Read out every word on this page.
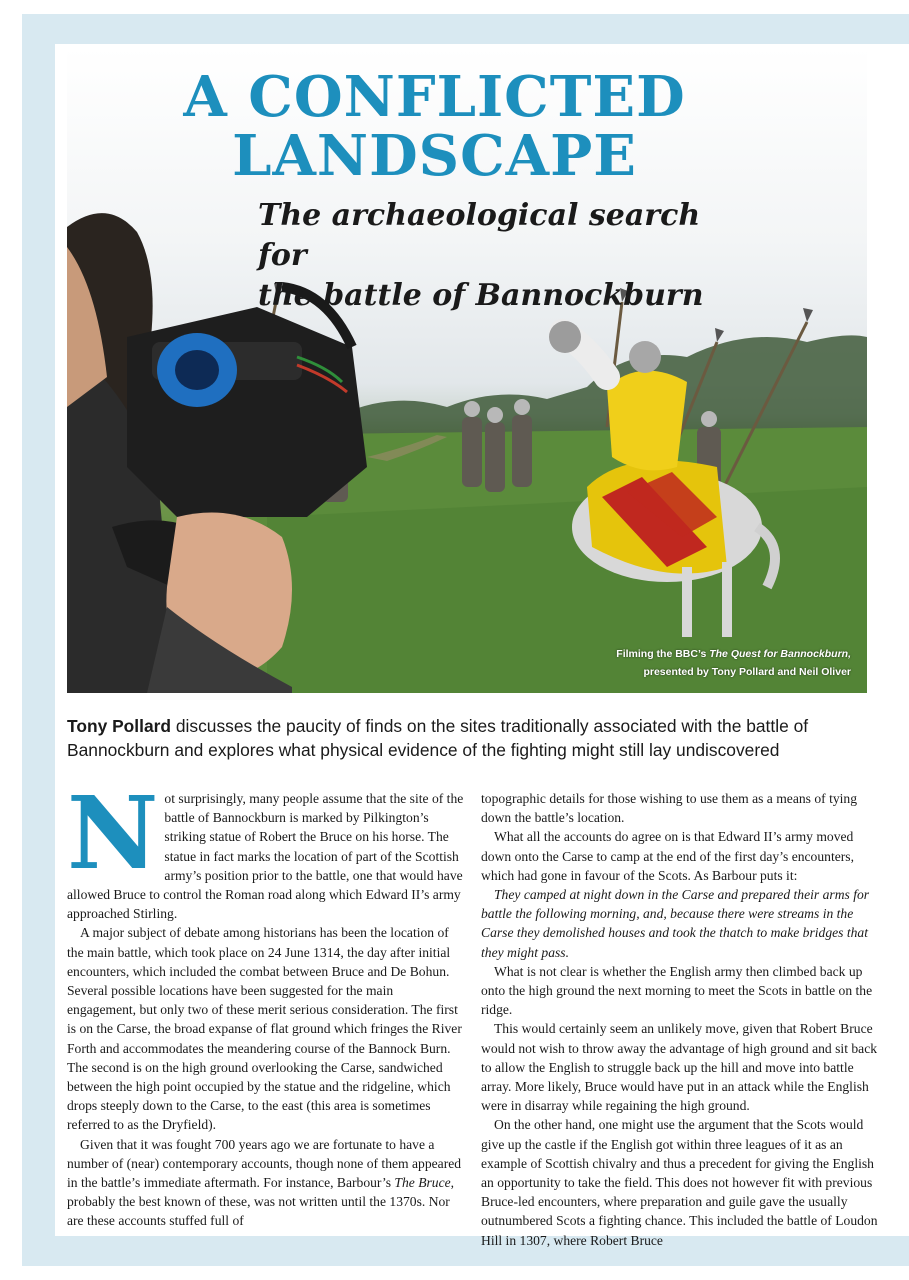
A CONFLICTED
LANDSCAPE
The archaeological search for
the battle of Bannockburn
Filming the BBC’s The Quest for Bannockburn,
presented by Tony Pollard and Neil Oliver

Tony Pollard discusses the paucity of finds on the sites traditionally associated with the battle of Bannockburn and explores what physical evidence of the fighting might still lay undiscovered

Not surprisingly, many people assume that the site of the battle of Bannockburn is marked by Pilkington’s striking statue of Robert the Bruce on his horse. The statue in fact marks the location of part of the Scottish army’s position prior to the battle, one that would have allowed Bruce to control the Roman road along which Edward II’s army approached Stirling.

A major subject of debate among historians has been the location of the main battle, which took place on 24 June 1314, the day after initial encounters, which included the combat between Bruce and De Bohun. Several possible locations have been suggested for the main engagement, but only two of these merit serious consideration. The first is on the Carse, the broad expanse of flat ground which fringes the River Forth and accommodates the meandering course of the Bannock Burn. The second is on the high ground overlooking the Carse, sandwiched between the high point occupied by the statue and the ridgeline, which drops steeply down to the Carse, to the east (this area is sometimes referred to as the Dryfield).

Given that it was fought 700 years ago we are fortunate to have a number of (near) contemporary accounts, though none of them appeared in the battle’s immediate aftermath. For instance, Barbour’s The Bruce, probably the best known of these, was not written until the 1370s. Nor are these accounts stuffed full of

topographic details for those wishing to use them as a means of tying down the battle’s location.

What all the accounts do agree on is that Edward II’s army moved down onto the Carse to camp at the end of the first day’s encounters, which had gone in favour of the Scots. As Barbour puts it:

They camped at night down in the Carse and prepared their arms for battle the following morning, and, because there were streams in the Carse they demolished houses and took the thatch to make bridges that they might pass.

What is not clear is whether the English army then climbed back up onto the high ground the next morning to meet the Scots in battle on the ridge.

This would certainly seem an unlikely move, given that Robert Bruce would not wish to throw away the advantage of high ground and sit back to allow the English to struggle back up the hill and move into battle array. More likely, Bruce would have put in an attack while the English were in disarray while regaining the high ground.

On the other hand, one might use the argument that the Scots would give up the castle if the English got within three leagues of it as an example of Scottish chivalry and thus a precedent for giving the English an opportunity to take the field. This does not however fit with previous Bruce-led encounters, where preparation and guile gave the usually outnumbered Scots a fighting chance. This included the battle of Loudon Hill in 1307, where Robert Bruce
